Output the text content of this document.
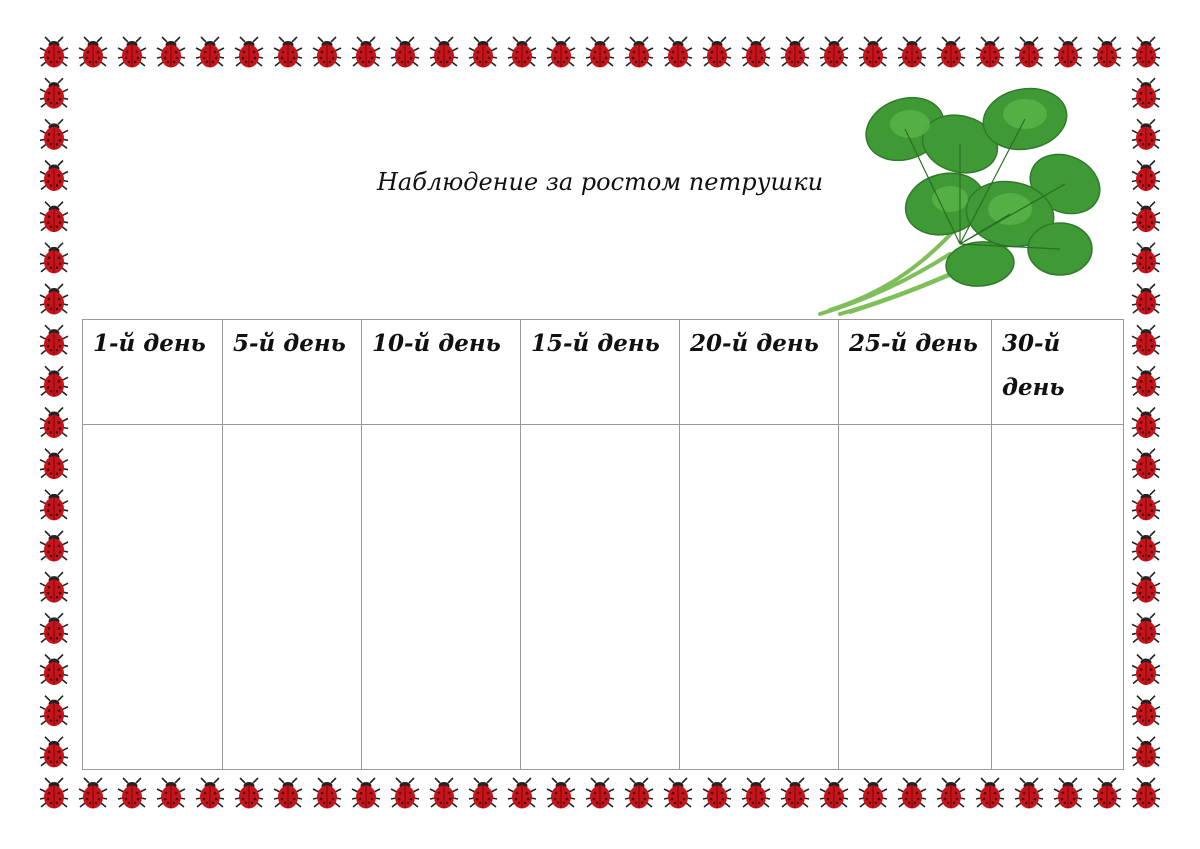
Наблюдение за ростом петрушки
1-й день	5-й день	10-й день	15-й день	20-й день	25-й день	30-й день
